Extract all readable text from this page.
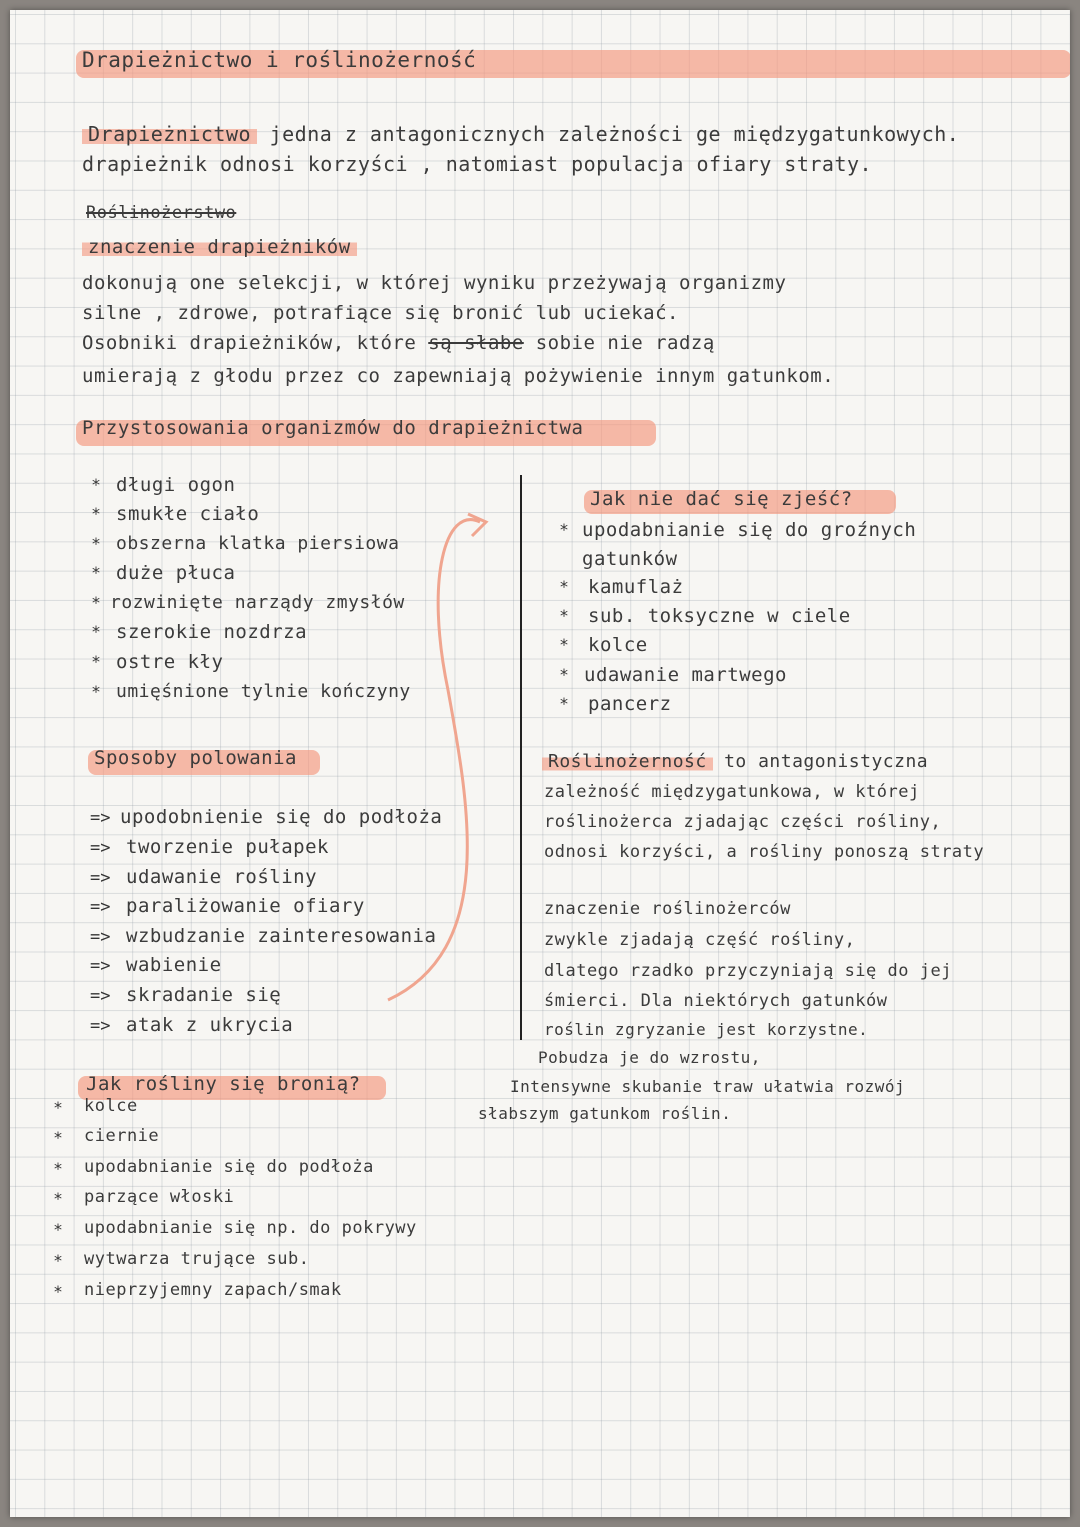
Drapieżnictwo i roślinożerność
Drapieżnictwo jedna z antagonicznych zależności ge międzygatunkowych.
drapieżnik odnosi korzyści , natomiast populacja ofiary straty.
Roślinożerstwo
znaczenie drapieżników
dokonują one selekcji, w której wyniku przeżywają organizmy
silne , zdrowe, potrafiące się bronić lub uciekać.
Osobniki drapieżników, które są słabe sobie nie radzą
umierają z głodu przez co zapewniają pożywienie innym gatunkom.
Przystosowania organizmów do drapieżnictwa
* długi ogon
* smukłe ciało
* obszerna klatka piersiowa
* duże płuca
* rozwinięte narządy zmysłów
* szerokie nozdrza
* ostre kły
* umięśnione tylnie kończyny
Jak nie dać się zjeść?
* upodabnianie się do groźnych
gatunków
* kamuflaż
* sub. toksyczne w ciele
* kolce
* udawanie martwego
* pancerz
Sposoby polowania
=> upodobnienie się do podłoża
=> tworzenie pułapek
=> udawanie rośliny
=> paraliżowanie ofiary
=> wzbudzanie zainteresowania
=> wabienie
=> skradanie się
=> atak z ukrycia
Roślinożerność to antagonistyczna
zależność międzygatunkowa, w której
roślinożerca zjadając części rośliny,
odnosi korzyści, a rośliny ponoszą straty
znaczenie roślinożerców
zwykle zjadają część rośliny,
dlatego rzadko przyczyniają się do jej
śmierci. Dla niektórych gatunków
roślin zgryzanie jest korzystne.
Pobudza je do wzrostu,
Intensywne skubanie traw ułatwia rozwój
słabszym gatunkom roślin.
Jak rośliny się bronią?
* kolce
* ciernie
* upodabnianie się do podłoża
* parzące włoski
* upodabnianie się np. do pokrywy
* wytwarza trujące sub.
* nieprzyjemny zapach/smak
